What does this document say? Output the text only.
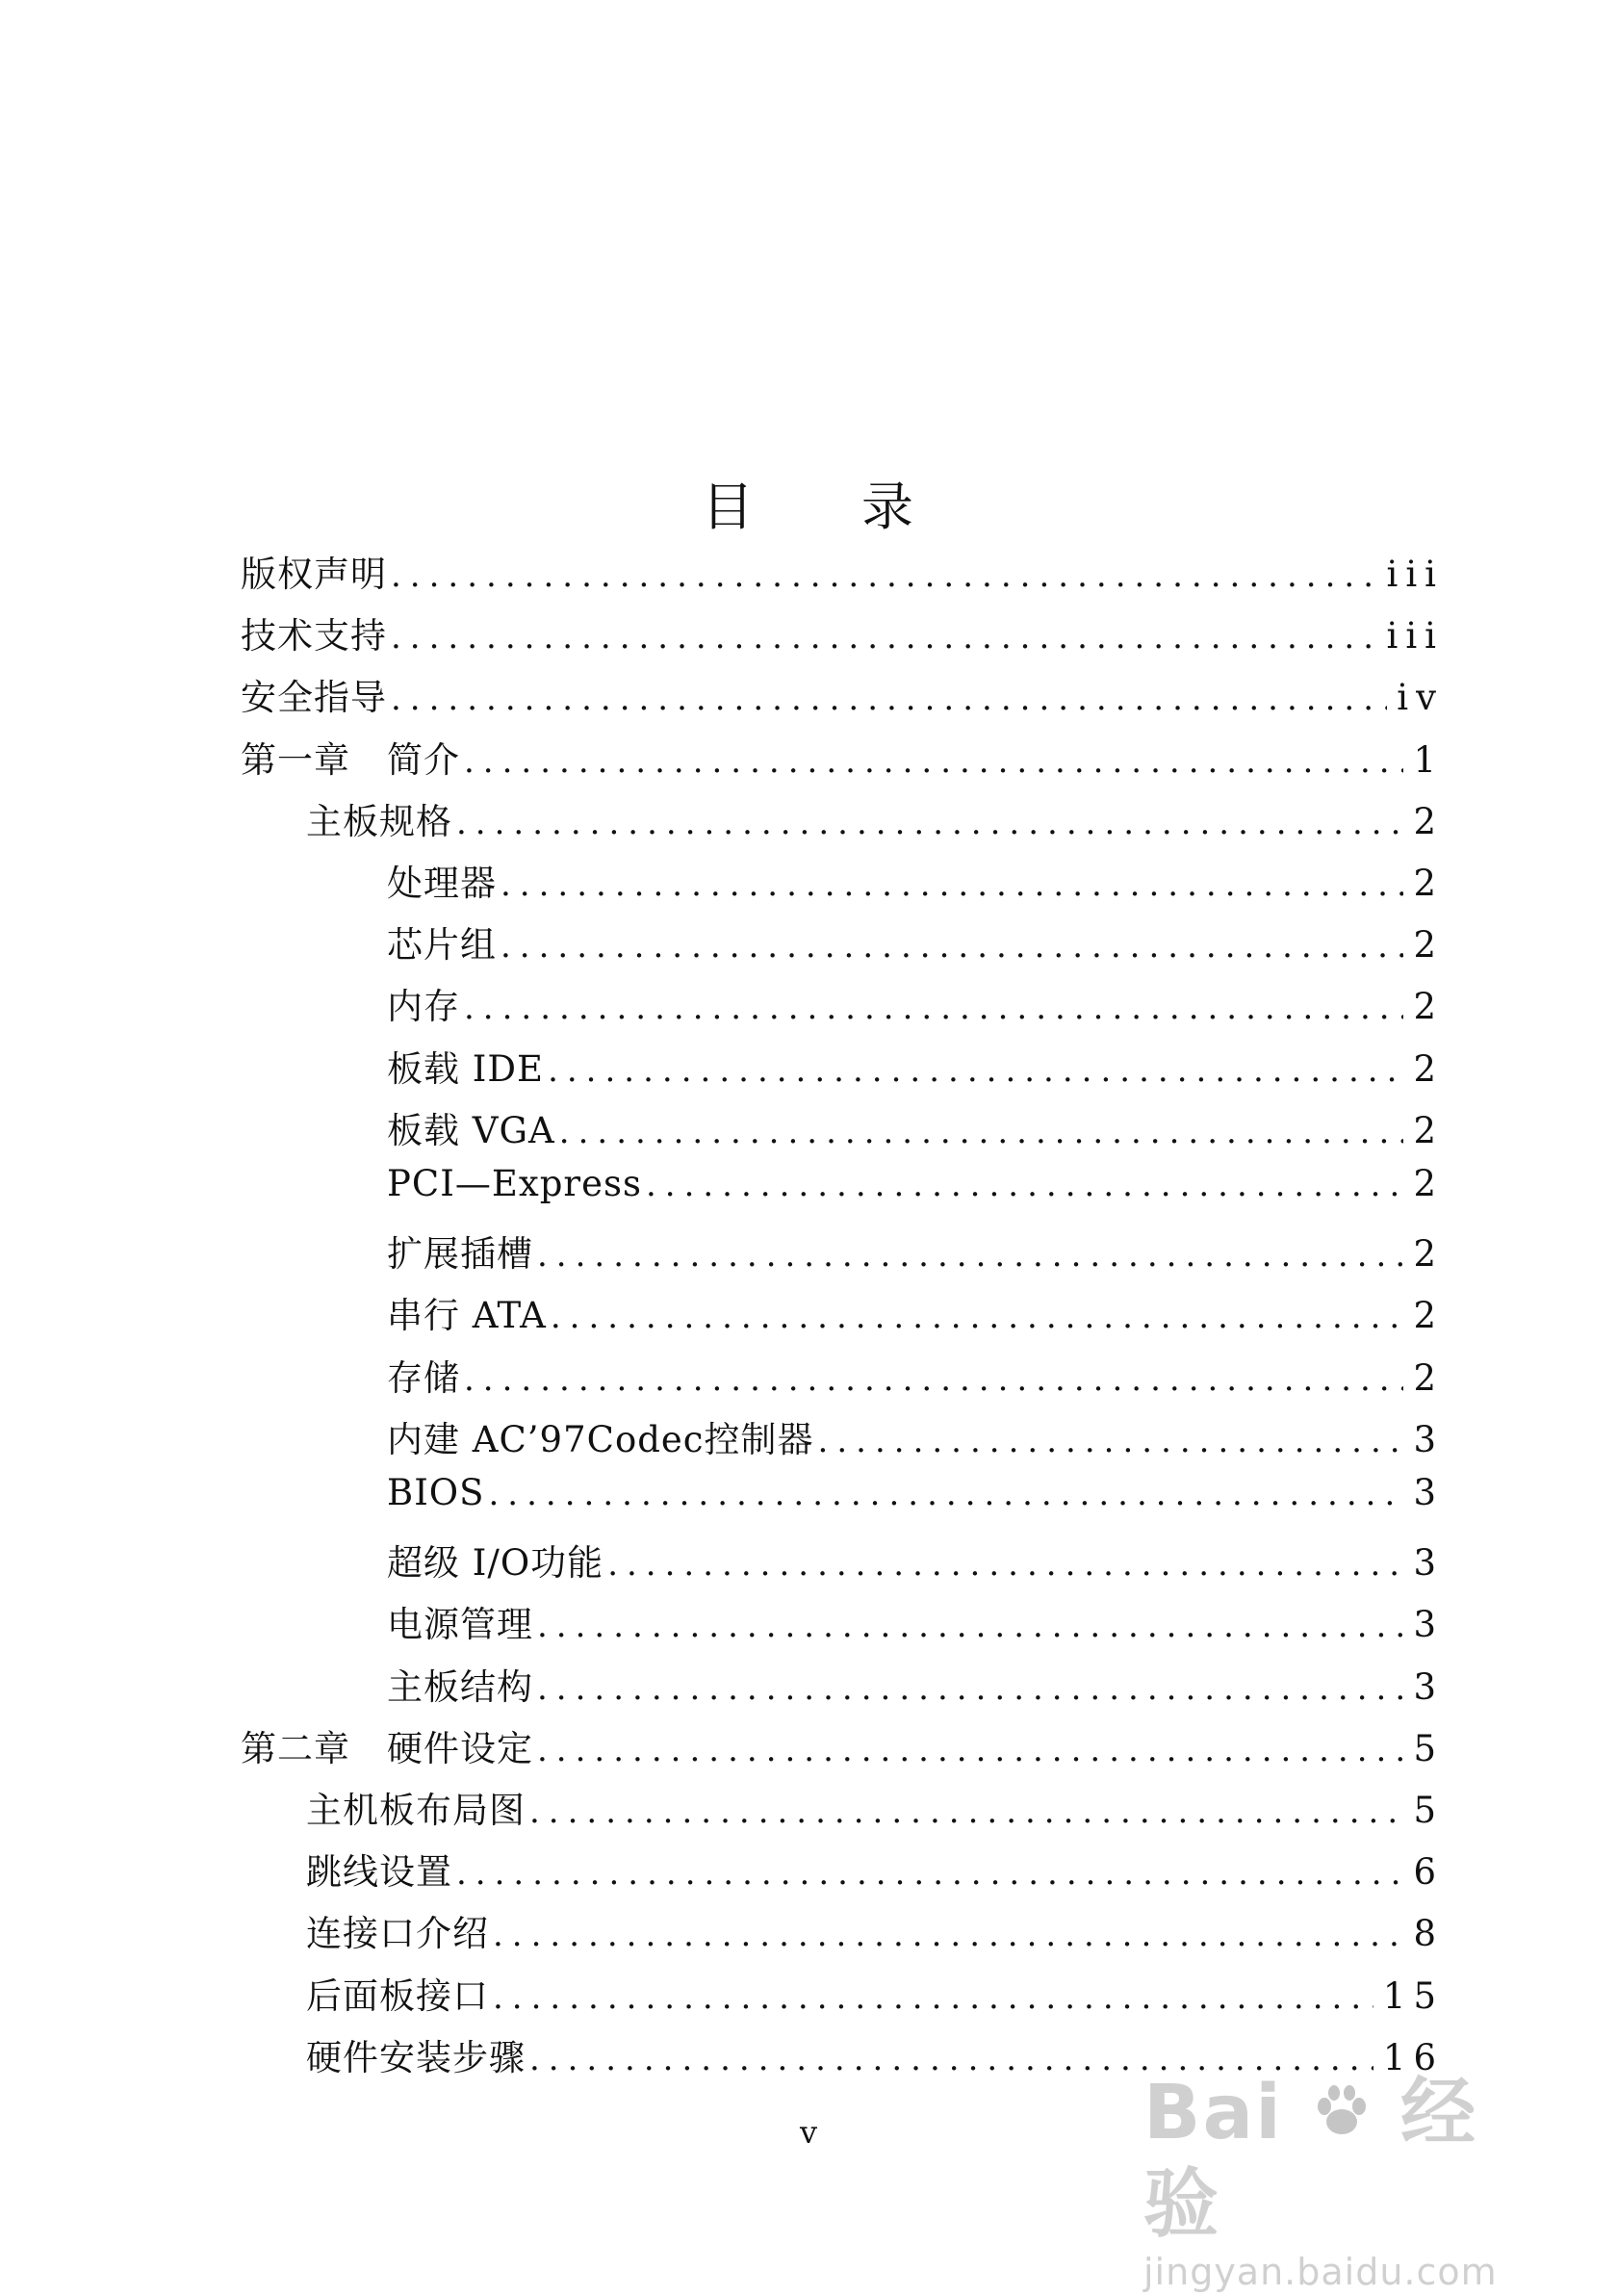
目 录
版权声明 .....	iii
技术支持 .....	iii
安全指导 .....	iv
第一章　简介 .....	1
主板规格 .....	2
处理器 .....	2
芯片组 .....	2
内存 .....	2
板载 IDE .....	2
板载 VGA .....	2
PCI—Express .....	2
扩展插槽 .....	2
串行 ATA .....	2
存储 .....	2
内建 AC’97Codec控制器 .....	3
BIOS .....	3
超级 I/O功能 .....	3
电源管理 .....	3
主板结构 .....	3
第二章　硬件设定 .....	5
主机板布局图 .....	5
跳线设置 .....	6
连接口介绍 .....	8
后面板接口 .....	15
硬件安装步骤 .....	16
v	Bai 经验
jingyan.baidu.com
